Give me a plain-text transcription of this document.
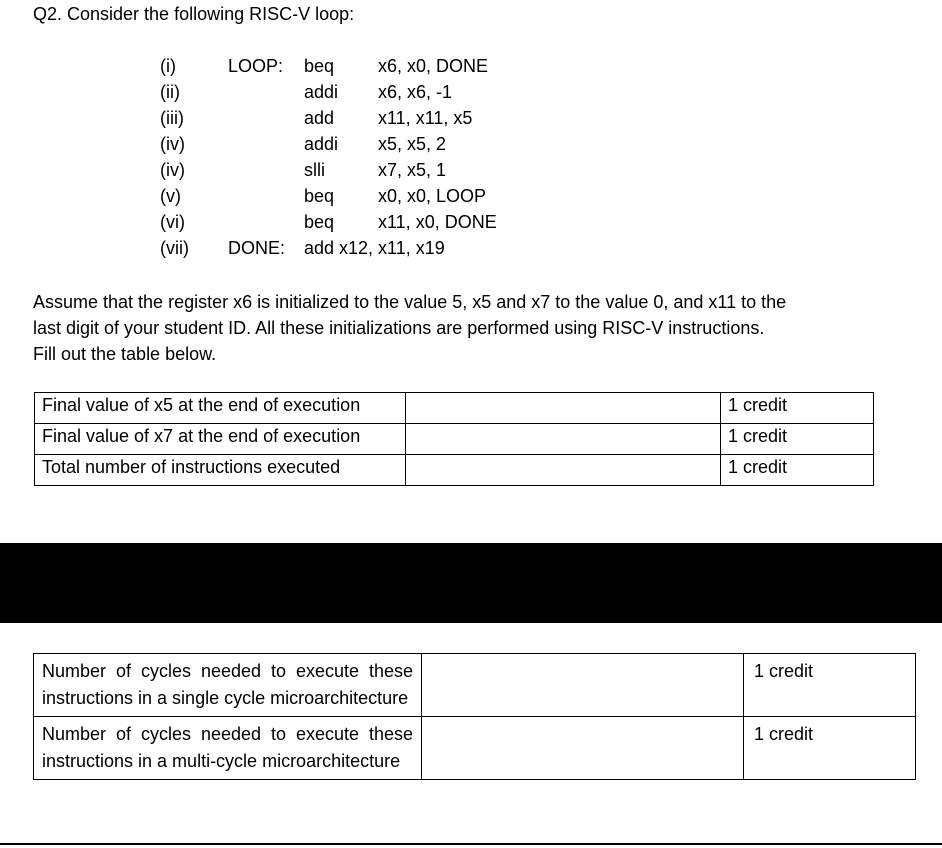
Q2. Consider the following RISC-V loop:
(i)	LOOP: beq x6, x0, DONE
(ii)	addi x6, x6, -1
(iii)	add x11, x11, x5
(iv)	addi x5, x5, 2
(iv)	slli	x7, x5, 1
(v)	beq x0, x0, LOOP
(vi)	beq x11, x0, DONE
(vii) DONE: add x12, x11, x19
Assume that the register x6 is initialized to the value 5, x5 and x7 to the value 0, and x11 to the
last digit of your student ID. All these initializations are performed using RISC-V instructions.
Fill out the table below.
Final value of x5 at the end of execution		1 credit
Final value of x7 at the end of execution		1 credit
Total number of instructions executed		1 credit
Number of cycles needed to execute these instructions in a single cycle microarchitecture		1 credit
Number of cycles needed to execute these instructions in a multi-cycle microarchitecture		1 credit
